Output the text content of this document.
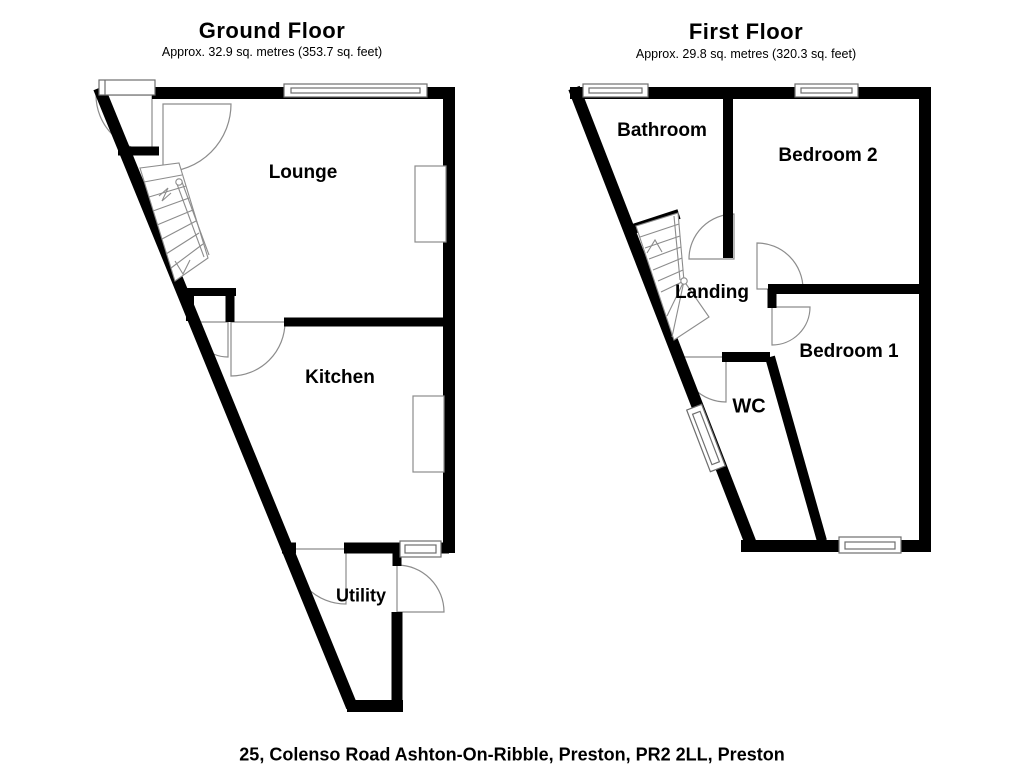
Ground Floor
Approx. 32.9 sq. metres (353.7 sq. feet)
First Floor
Approx. 29.8 sq. metres (320.3 sq. feet)
Lounge
Kitchen
Utility
Bathroom
Bedroom 2
Landing
Bedroom 1
WC
25, Colenso Road Ashton-On-Ribble, Preston, PR2 2LL, Preston
